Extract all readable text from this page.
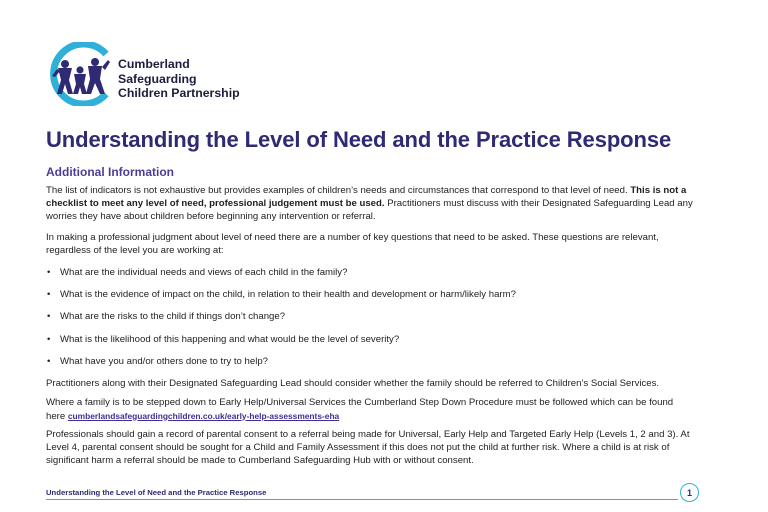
Cumberland
Safeguarding
Children Partnership
Understanding the Level of Need and the Practice Response
Additional Information

The list of indicators is not exhaustive but provides examples of children’s needs and circumstances that correspond to that level of need. This is not a checklist to meet any level of need, professional judgement must be used. Practitioners must discuss with their Designated Safeguarding Lead any worries they have about children before beginning any intervention or referral.

In making a professional judgment about level of need there are a number of key questions that need to be asked. These questions are relevant, regardless of the level you are working at:

• What are the individual needs and views of each child in the family?
• What is the evidence of impact on the child, in relation to their health and development or harm/likely harm?
• What are the risks to the child if things don’t change?
• What is the likelihood of this happening and what would be the level of severity?
• What have you and/or others done to try to help?

Practitioners along with their Designated Safeguarding Lead should consider whether the family should be referred to Children’s Social Services.

Where a family is to be stepped down to Early Help/Universal Services the Cumberland Step Down Procedure must be followed which can be found here cumberlandsafeguardingchildren.co.uk/early-help-assessments-eha

Professionals should gain a record of parental consent to a referral being made for Universal, Early Help and Targeted Early Help (Levels 1, 2 and 3). At Level 4, parental consent should be sought for a Child and Family Assessment if this does not put the child at further risk. Where a child is at risk of significant harm a referral should be made to Cumberland Safeguarding Hub with or without consent.

Understanding the Level of Need and the Practice Response	1
